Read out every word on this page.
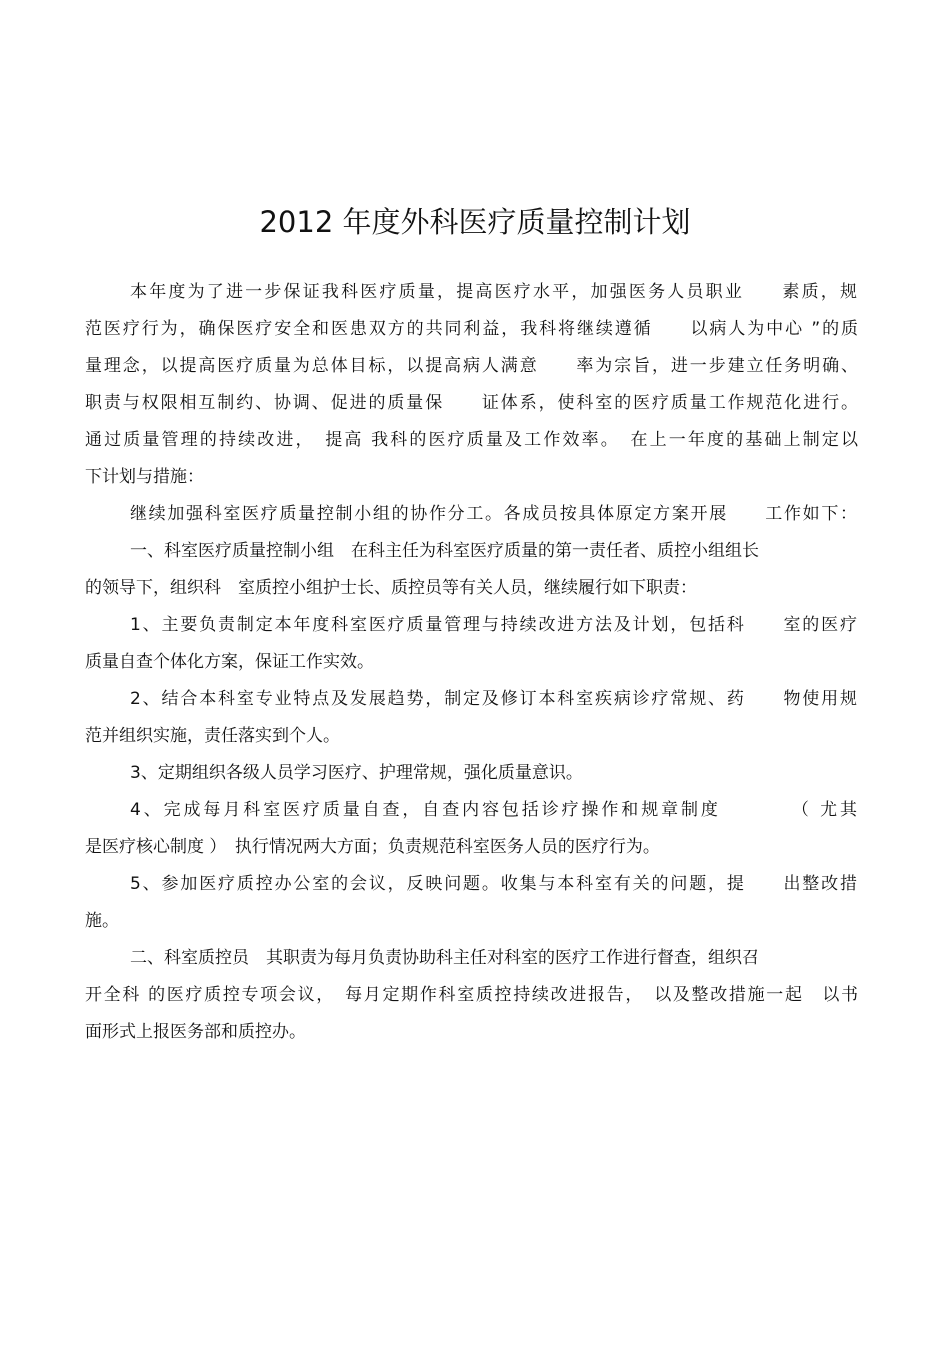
2012 年度外科医疗质量控制计划
本年度为了进一步保证我科医疗质量，提高医疗水平，加强医务人员职业　　素质，规
范医疗行为，确保医疗安全和医患双方的共同利益，我科将继续遵循　　以病人为中心 ”的质
量理念，以提高医疗质量为总体目标，以提高病人满意　　率为宗旨，进一步建立任务明确、
职责与权限相互制约、协调、促进的质量保　　证体系，使科室的医疗质量工作规范化进行。
通过质量管理的持续改进，　提高 我科的医疗质量及工作效率。　在上一年度的基础上制定以
下计划与措施：
继续加强科室医疗质量控制小组的协作分工。各成员按具体原定方案开展　　工作如下：
一、科室医疗质量控制小组　在科主任为科室医疗质量的第一责任者、质控小组组长
的领导下，组织科　室质控小组护士长、质控员等有关人员，继续履行如下职责：
1、主要负责制定本年度科室医疗质量管理与持续改进方法及计划，包括科　　室的医疗
质量自查个体化方案，保证工作实效。
2、结合本科室专业特点及发展趋势，制定及修订本科室疾病诊疗常规、药　　物使用规
范并组织实施，责任落实到个人。
3、定期组织各级人员学习医疗、护理常规，强化质量意识。
4、完成每月科室医疗质量自查，自查内容包括诊疗操作和规章制度　　　　（ 尤其
是医疗核心制度 ）　执行情况两大方面；负责规范科室医务人员的医疗行为。
5、参加医疗质控办公室的会议，反映问题。收集与本科室有关的问题，提　　出整改措
施。
二、科室质控员　其职责为每月负责协助科主任对科室的医疗工作进行督查，组织召
开全科 的医疗质控专项会议，　每月定期作科室质控持续改进报告，　以及整改措施一起　以书
面形式上报医务部和质控办。
